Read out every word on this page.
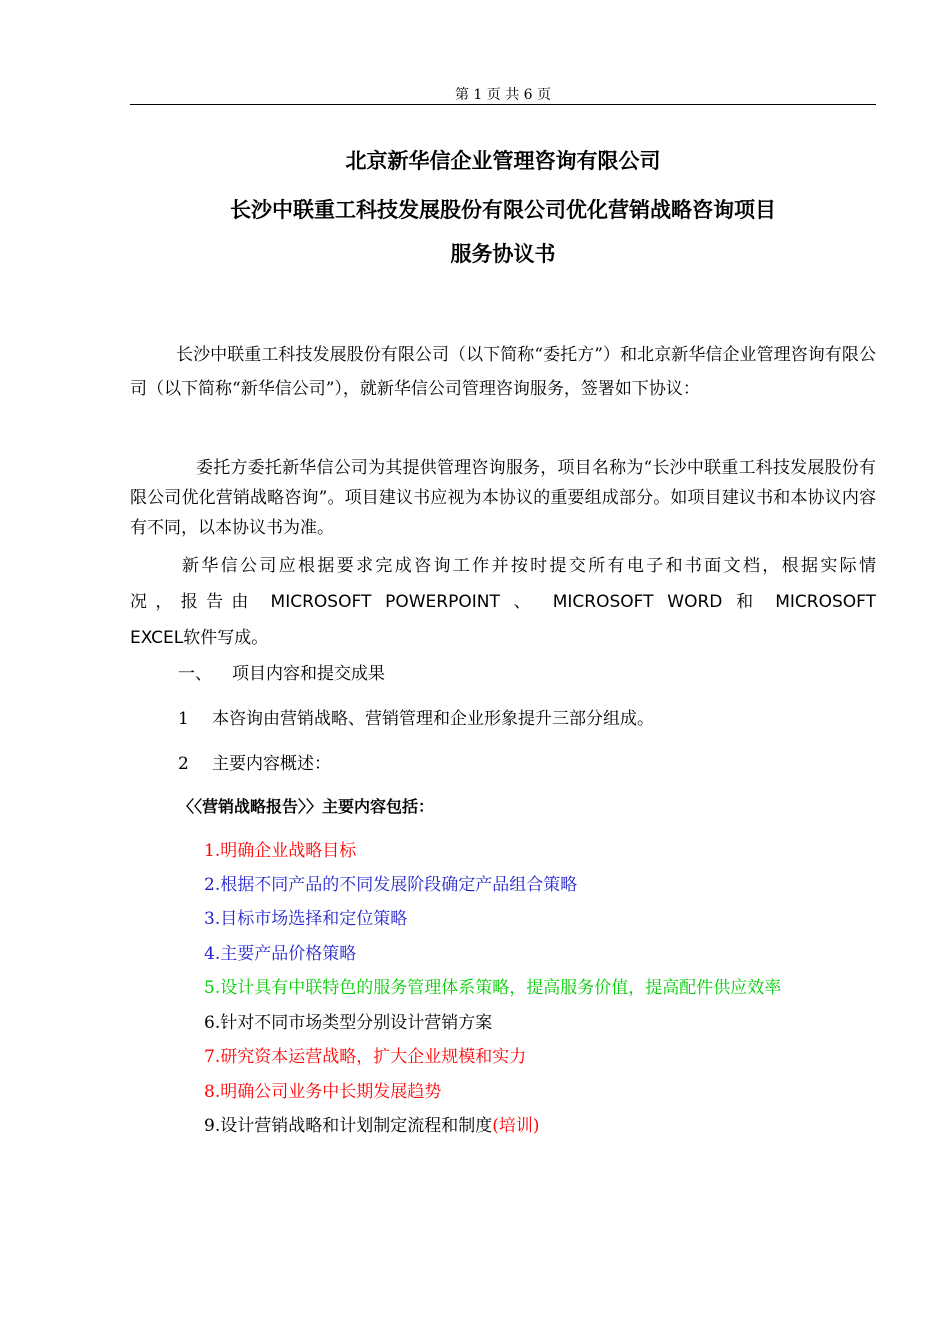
第 1 页 共 6 页
北京新华信企业管理咨询有限公司
长沙中联重工科技发展股份有限公司优化营销战略咨询项目
服务协议书

长沙中联重工科技发展股份有限公司（以下简称“委托方”）和北京新华信企业管理咨询有限公司（以下简称“新华信公司”），就新华信公司管理咨询服务，签署如下协议：

委托方委托新华信公司为其提供管理咨询服务，项目名称为“长沙中联重工科技发展股份有限公司优化营销战略咨询”。项目建议书应视为本协议的重要组成部分。如项目建议书和本协议内容有不同，以本协议书为准。

新华信公司应根据要求完成咨询工作并按时提交所有电子和书面文档，根据实际情
况，报告由 MICROSOFT POWERPOINT 、 MICROSOFT WORD 和 MICROSOFT
EXCEL软件写成。
一、 项目内容和提交成果
1 本咨询由营销战略、营销管理和企业形象提升三部分组成。
2 主要内容概述：
〈〈营销战略报告〉〉主要内容包括：
1.明确企业战略目标
2.根据不同产品的不同发展阶段确定产品组合策略
3.目标市场选择和定位策略
4.主要产品价格策略
5.设计具有中联特色的服务管理体系策略，提高服务价值，提高配件供应效率
6.针对不同市场类型分别设计营销方案
7.研究资本运营战略，扩大企业规模和实力
8.明确公司业务中长期发展趋势
9.设计营销战略和计划制定流程和制度(培训)
